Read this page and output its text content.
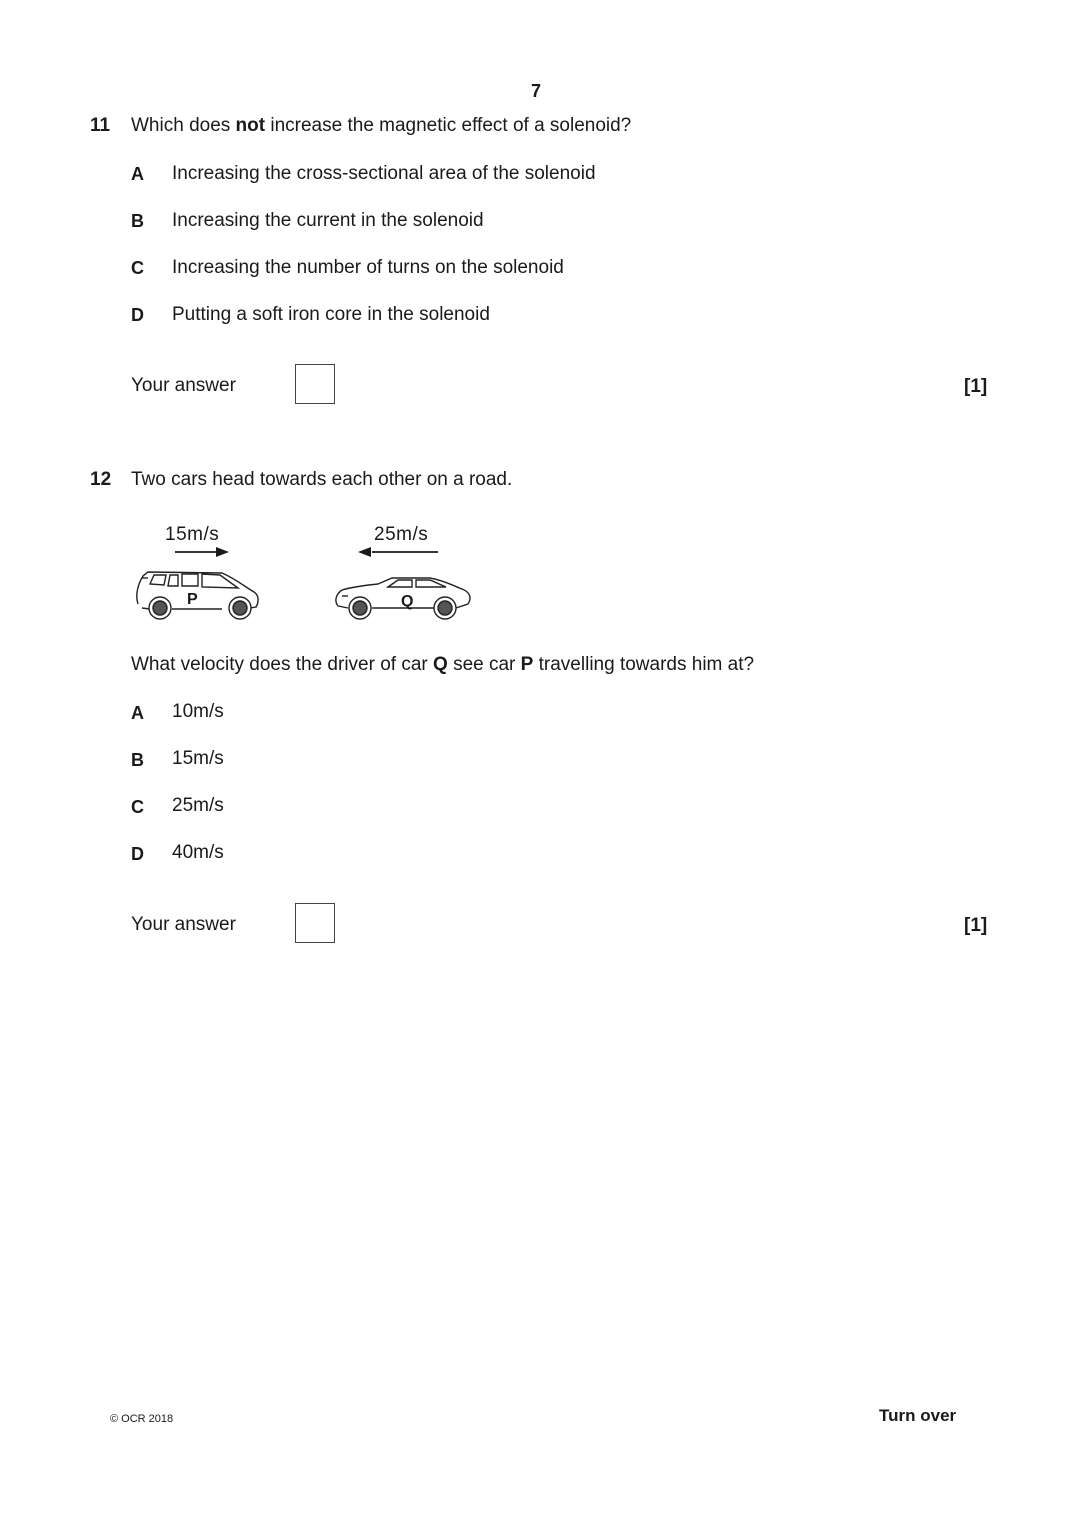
7
11 Which does not increase the magnetic effect of a solenoid?
A Increasing the cross-sectional area of the solenoid
B Increasing the current in the solenoid
C Increasing the number of turns on the solenoid
D Putting a soft iron core in the solenoid
Your answer	[1]
12 Two cars head towards each other on a road.
15m/s	25m/s
P	Q
What velocity does the driver of car Q see car P travelling towards him at?
A 10m/s
B 15m/s
C 25m/s
D 40m/s
Your answer	[1]
© OCR 2018	Turn over
